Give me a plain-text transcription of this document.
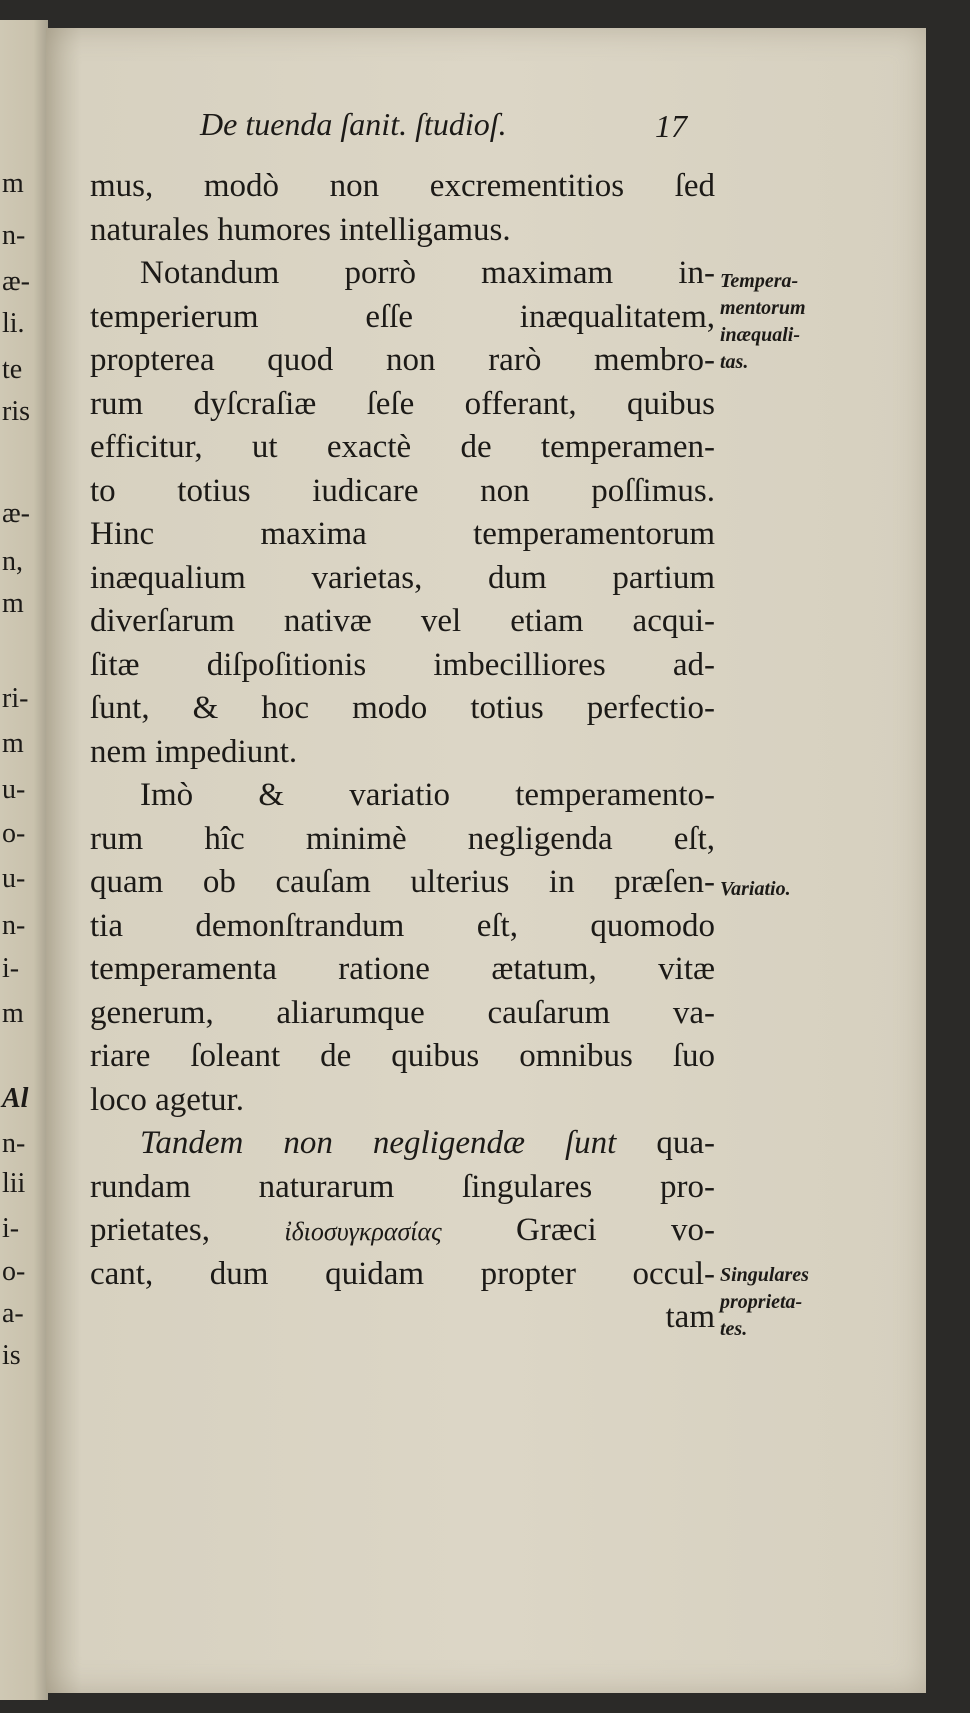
m
n-
æ-
li.
te
ris
æ-
n,
m
ri-
m
u-
o-
u-
n-
i-
m
Al
n-
lii
i-
o-
a-
is
De tuenda ſanit. ſtudioſ.	17
mus, modò non excrementitios ſed
naturales humores intelligamus.
Notandum porrò maximam in-
temperierum eſſe inæqualitatem,
propterea quod non rarò membro-
rum dyſcraſiæ ſeſe offerant, quibus
efficitur, ut exactè de temperamen-
to totius iudicare non poſſimus.
Hinc maxima temperamentorum
inæqualium varietas, dum partium
diverſarum nativæ vel etiam acqui-
ſitæ diſpoſitionis imbecilliores ad-
ſunt, & hoc modo totius perfectio-
nem impediunt.
Imò & variatio temperamento-
rum hîc minimè negligenda eſt,
quam ob cauſam ulterius in præſen-
tia demonſtrandum eſt, quomodo
temperamenta ratione ætatum, vitæ
generum, aliarumque cauſarum va-
riare ſoleant de quibus omnibus ſuo
loco agetur.
Tandem non negligendæ ſunt qua-
rundam naturarum ſingulares pro-
prietates, ἰδιοσυγκρασίας Græci vo-
cant, dum quidam propter occul-
tam
Tempera-
mentorum
inæquali-
tas.
Variatio.
Singulares
proprieta-
tes.
